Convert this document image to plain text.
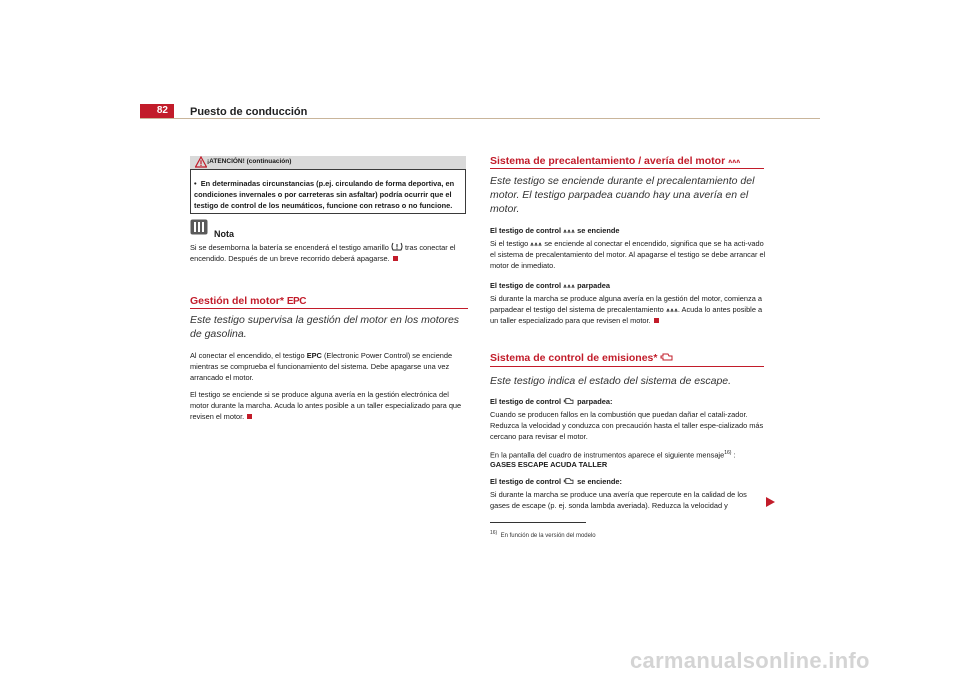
82	Puesto de conducción
¡ATENCIÓN! (continuación)
•  En determinadas circunstancias (p.ej. circulando de forma deportiva, en condiciones invernales o por carreteras sin asfaltar) podría ocurrir que el testigo de control de los neumáticos, funcione con retraso o no funcione.
Nota
Si se desemborna la batería se encenderá el testigo amarillo tras conectar el encendido. Después de un breve recorrido deberá apagarse.
Gestión del motor* EPC
Este testigo supervisa la gestión del motor en los motores de gasolina.
Al conectar el encendido, el testigo EPC (Electronic Power Control) se enciende mientras se comprueba el funcionamiento del sistema. Debe apagarse una vez arrancado el motor.
El testigo se enciende si se produce alguna avería en la gestión electrónica del motor durante la marcha. Acuda lo antes posible a un taller especializado para que revisen el motor.
Sistema de precalentamiento / avería del motor
Este testigo se enciende durante el precalentamiento del motor. El testigo parpadea cuando hay una avería en el motor.
El testigo de control se enciende
Si el testigo se enciende al conectar el encendido, significa que se ha acti-vado el sistema de precalentamiento del motor. Al apagarse el testigo se debe arrancar el motor de inmediato.
El testigo de control parpadea
Si durante la marcha se produce alguna avería en la gestión del motor, comienza a parpadear el testigo del sistema de precalentamiento . Acuda lo antes posible a un taller especializado para que revisen el motor.
Sistema de control de emisiones*
Este testigo indica el estado del sistema de escape.
El testigo de control parpadea:
Cuando se producen fallos en la combustión que puedan dañar el catali-zador. Reduzca la velocidad y conduzca con precaución hasta el taller espe-cializado más cercano para revisar el motor.
En la pantalla del cuadro de instrumentos aparece el siguiente mensaje$^{16)}$ :
GASES ESCAPE ACUDA TALLER
El testigo de control se enciende:
Si durante la marcha se produce una avería que repercute en la calidad de los gases de escape (p. ej. sonda lambda averiada). Reduzca la velocidad y
$^{16)}$ En función de la versión del modelo
carmanualsonline.info
